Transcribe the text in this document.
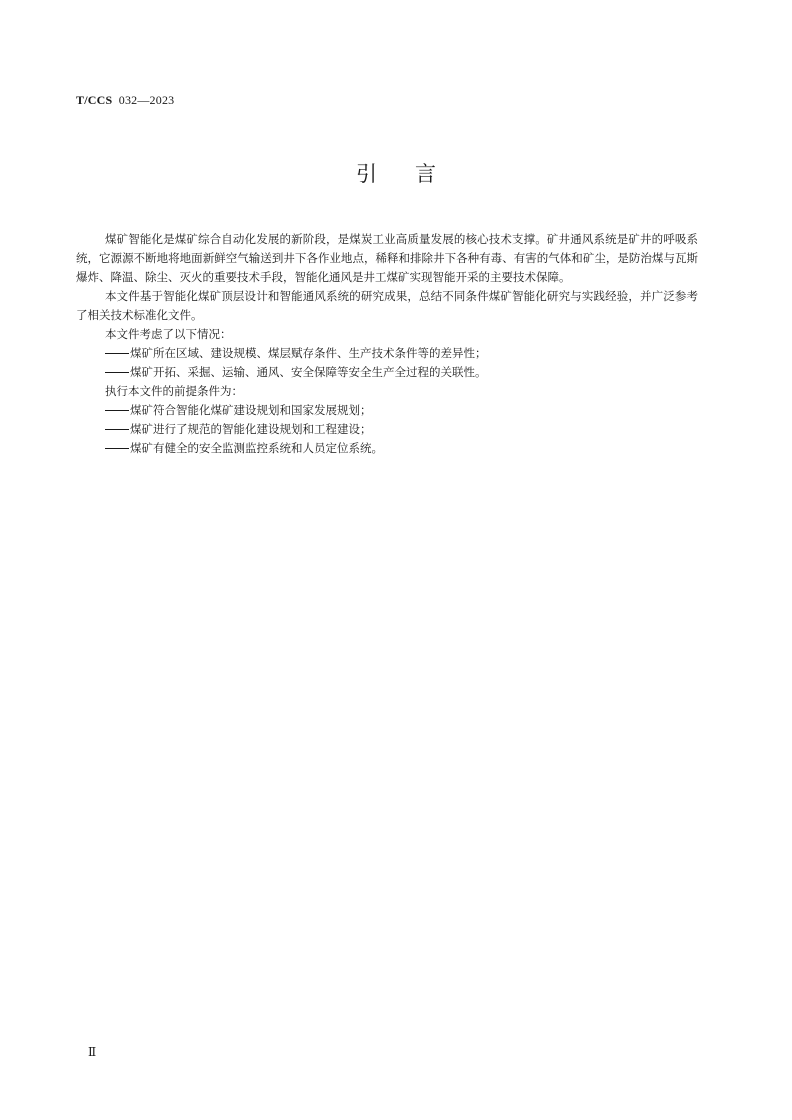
T/CCS 032—2023
引言

煤矿智能化是煤矿综合自动化发展的新阶段，是煤炭工业高质量发展的核心技术支撑。矿井通风系统是矿井的呼吸系统，它源源不断地将地面新鲜空气输送到井下各作业地点，稀释和排除井下各种有毒、有害的气体和矿尘，是防治煤与瓦斯爆炸、降温、除尘、灭火的重要技术手段，智能化通风是井工煤矿实现智能开采的主要技术保障。

本文件基于智能化煤矿顶层设计和智能通风系统的研究成果，总结不同条件煤矿智能化研究与实践经验，并广泛参考了相关技术标准化文件。

本文件考虑了以下情况：

煤矿所在区域、建设规模、煤层赋存条件、生产技术条件等的差异性；

煤矿开拓、采掘、运输、通风、安全保障等安全生产全过程的关联性。

执行本文件的前提条件为：

煤矿符合智能化煤矿建设规划和国家发展规划；

煤矿进行了规范的智能化建设规划和工程建设；

煤矿有健全的安全监测监控系统和人员定位系统。

Ⅱ
